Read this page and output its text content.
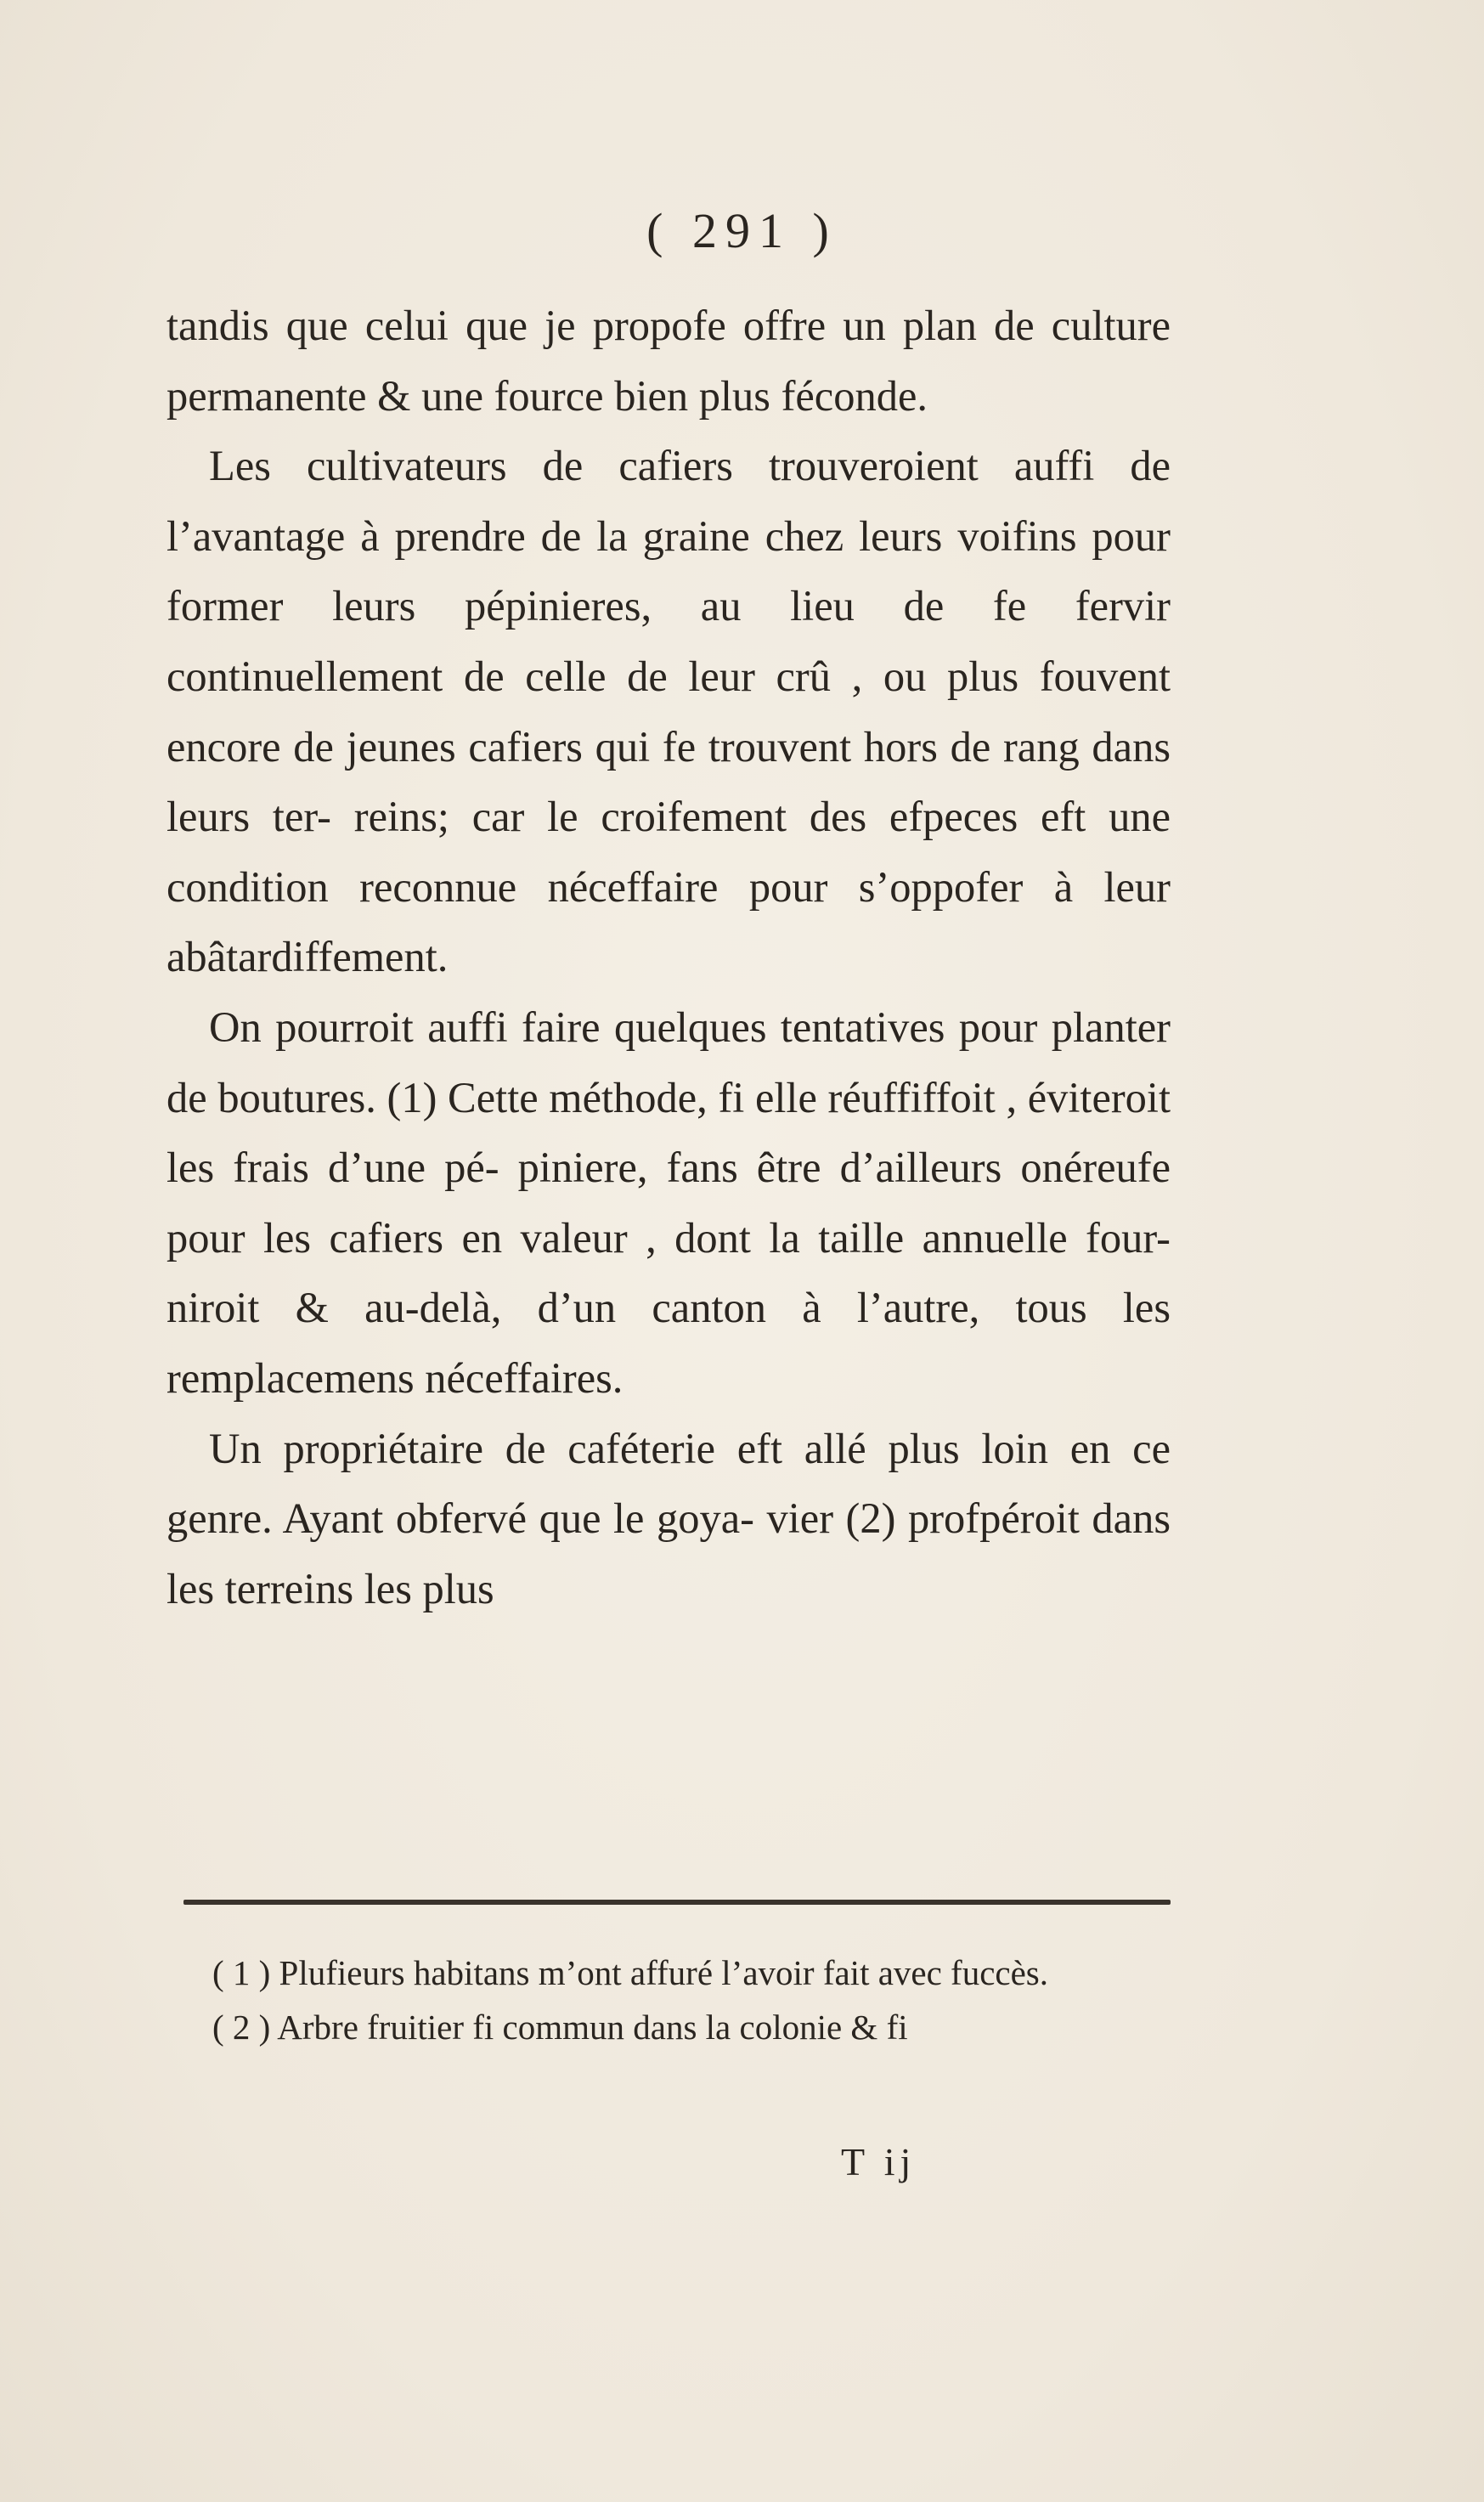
( 291 )

tandis que celui que je propofe offre un plan de culture permanente & une fource bien plus féconde.

Les cultivateurs de cafiers trouveroient auffi de l’avantage à prendre de la graine chez leurs voifins pour former leurs pépinieres, au lieu de fe fervir continuellement de celle de leur crû , ou plus fouvent encore de jeunes cafiers qui fe trouvent hors de rang dans leurs ter- reins; car le croifement des efpeces eft une condition reconnue néceffaire pour s’oppofer à leur abâtardiffement.

On pourroit auffi faire quelques tentatives pour planter de boutures. (1) Cette méthode, fi elle réuffiffoit , éviteroit les frais d’une pé- piniere, fans être d’ailleurs onéreufe pour les cafiers en valeur , dont la taille annuelle four- niroit & au-delà, d’un canton à l’autre, tous les remplacemens néceffaires.

Un propriétaire de caféterie eft allé plus loin en ce genre. Ayant obfervé que le goya- vier (2) profpéroit dans les terreins les plus

( 1 ) Plufieurs habitans m’ont affuré l’avoir fait avec fuccès.

( 2 ) Arbre fruitier fi commun dans la colonie & fi

T ij
